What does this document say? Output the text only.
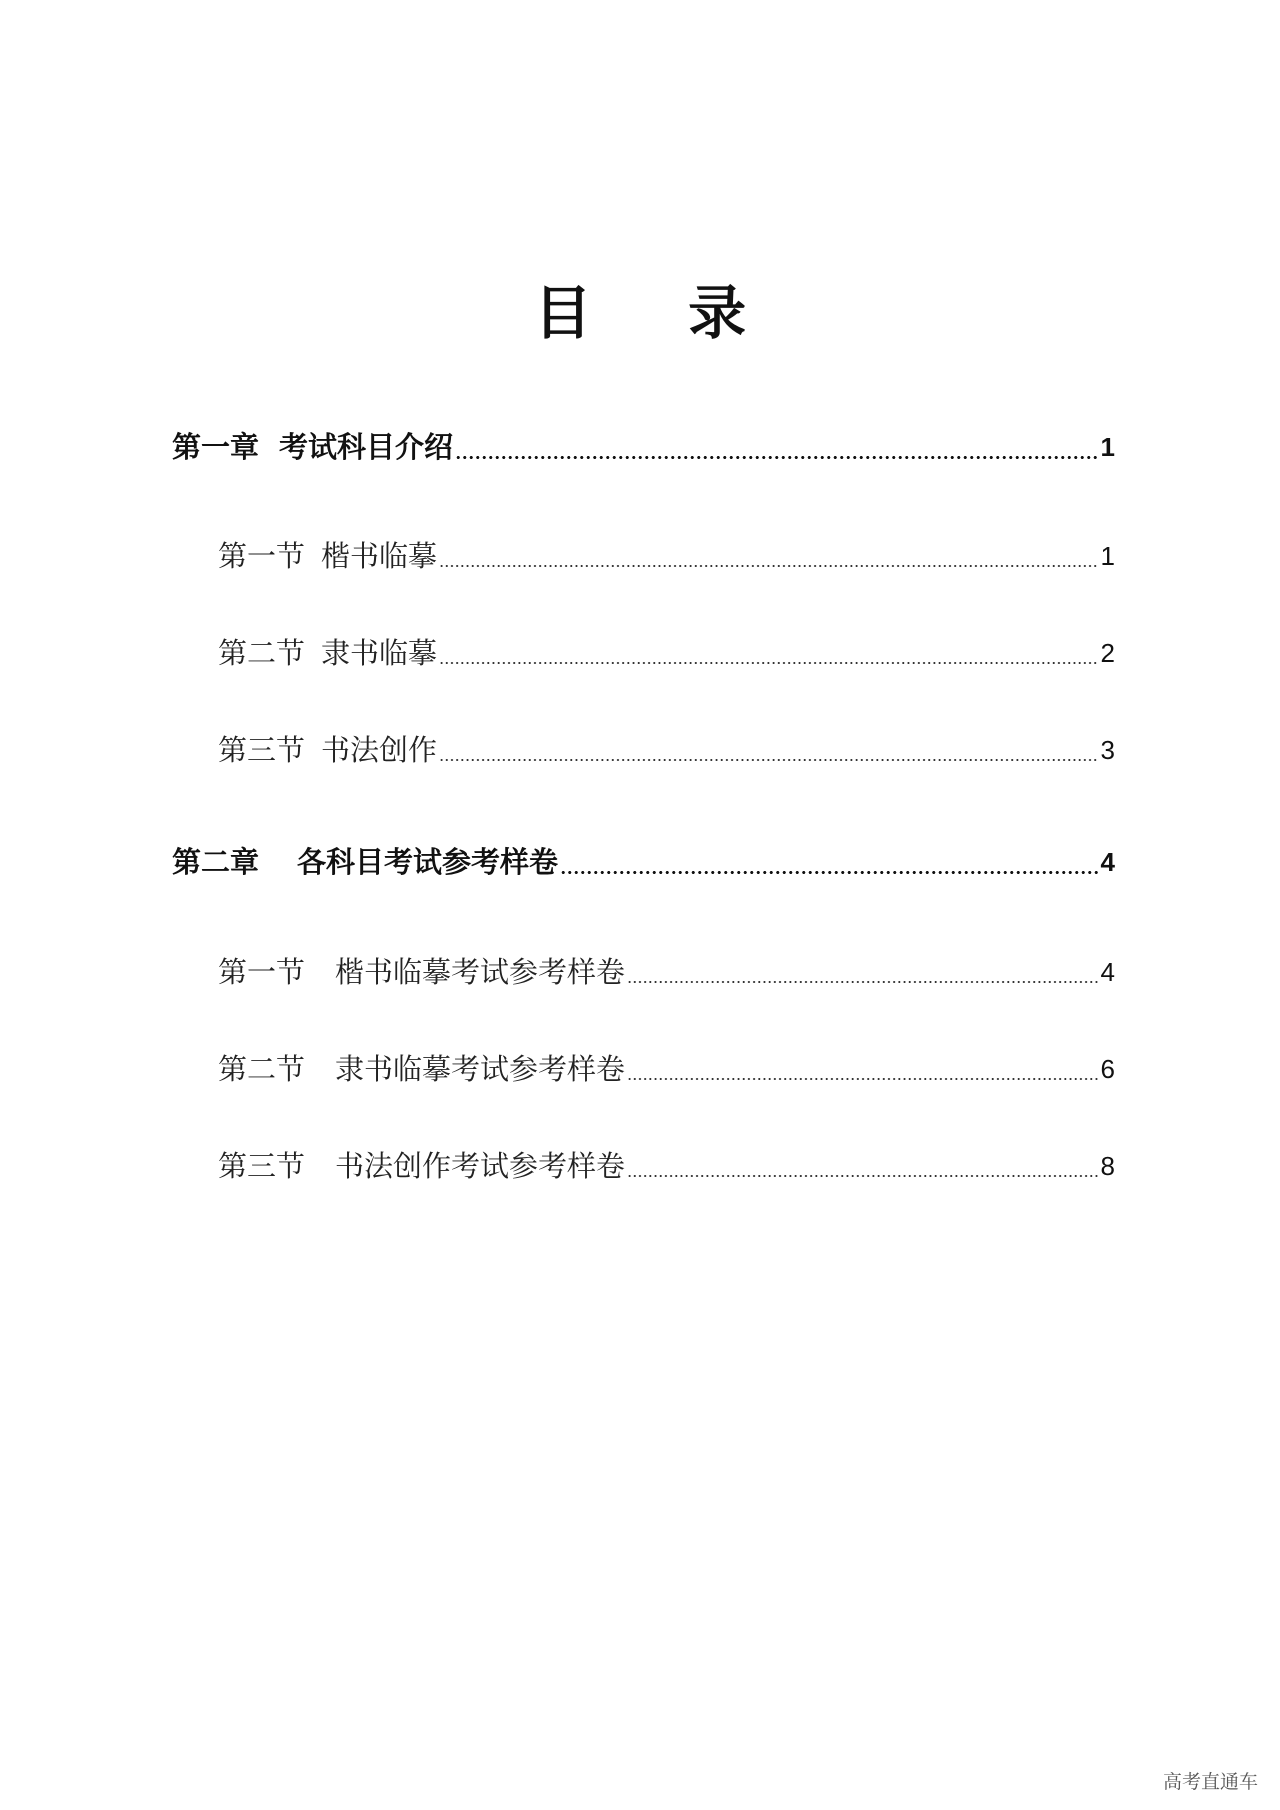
目 录
第一章 考试科目介绍	1
第一节 楷书临摹	1
第二节 隶书临摹	2
第三节 书法创作	3
第二章 各科目考试参考样卷	4
第一节 楷书临摹考试参考样卷	4
第二节 隶书临摹考试参考样卷	6
第三节 书法创作考试参考样卷	8
高考直通车
